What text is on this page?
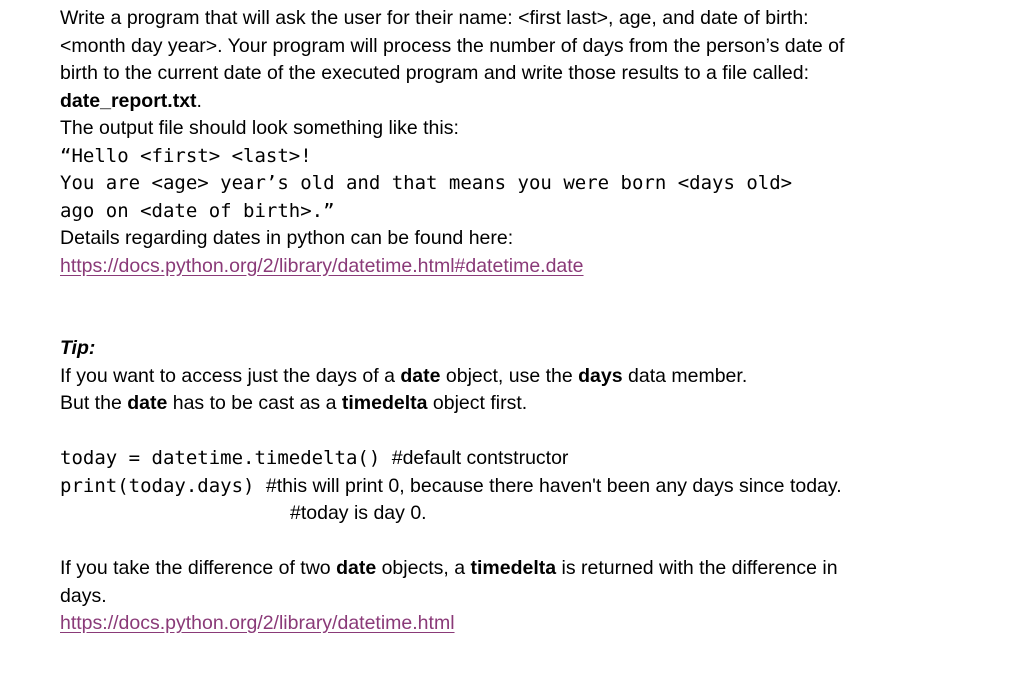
Write a program that will ask the user for their name: <first last>, age, and date of birth:
<month day year>. Your program will process the number of days from the person’s date of
birth to the current date of the executed program and write those results to a file called:
date_report.txt.
The output file should look something like this:
“Hello <first> <last>!
You are <age> year’s old and that means you were born <days old>
ago on <date of birth>.”
Details regarding dates in python can be found here:
https://docs.python.org/2/library/datetime.html#datetime.date
Tip:
If you want to access just the days of a date object, use the days data member.
But the date has to be cast as a timedelta object first.
today = datetime.timedelta() #default contstructor
print(today.days) #this will print 0, because there haven't been any days since today.
#today is day 0.
If you take the difference of two date objects, a timedelta is returned with the difference in
days.
https://docs.python.org/2/library/datetime.html
